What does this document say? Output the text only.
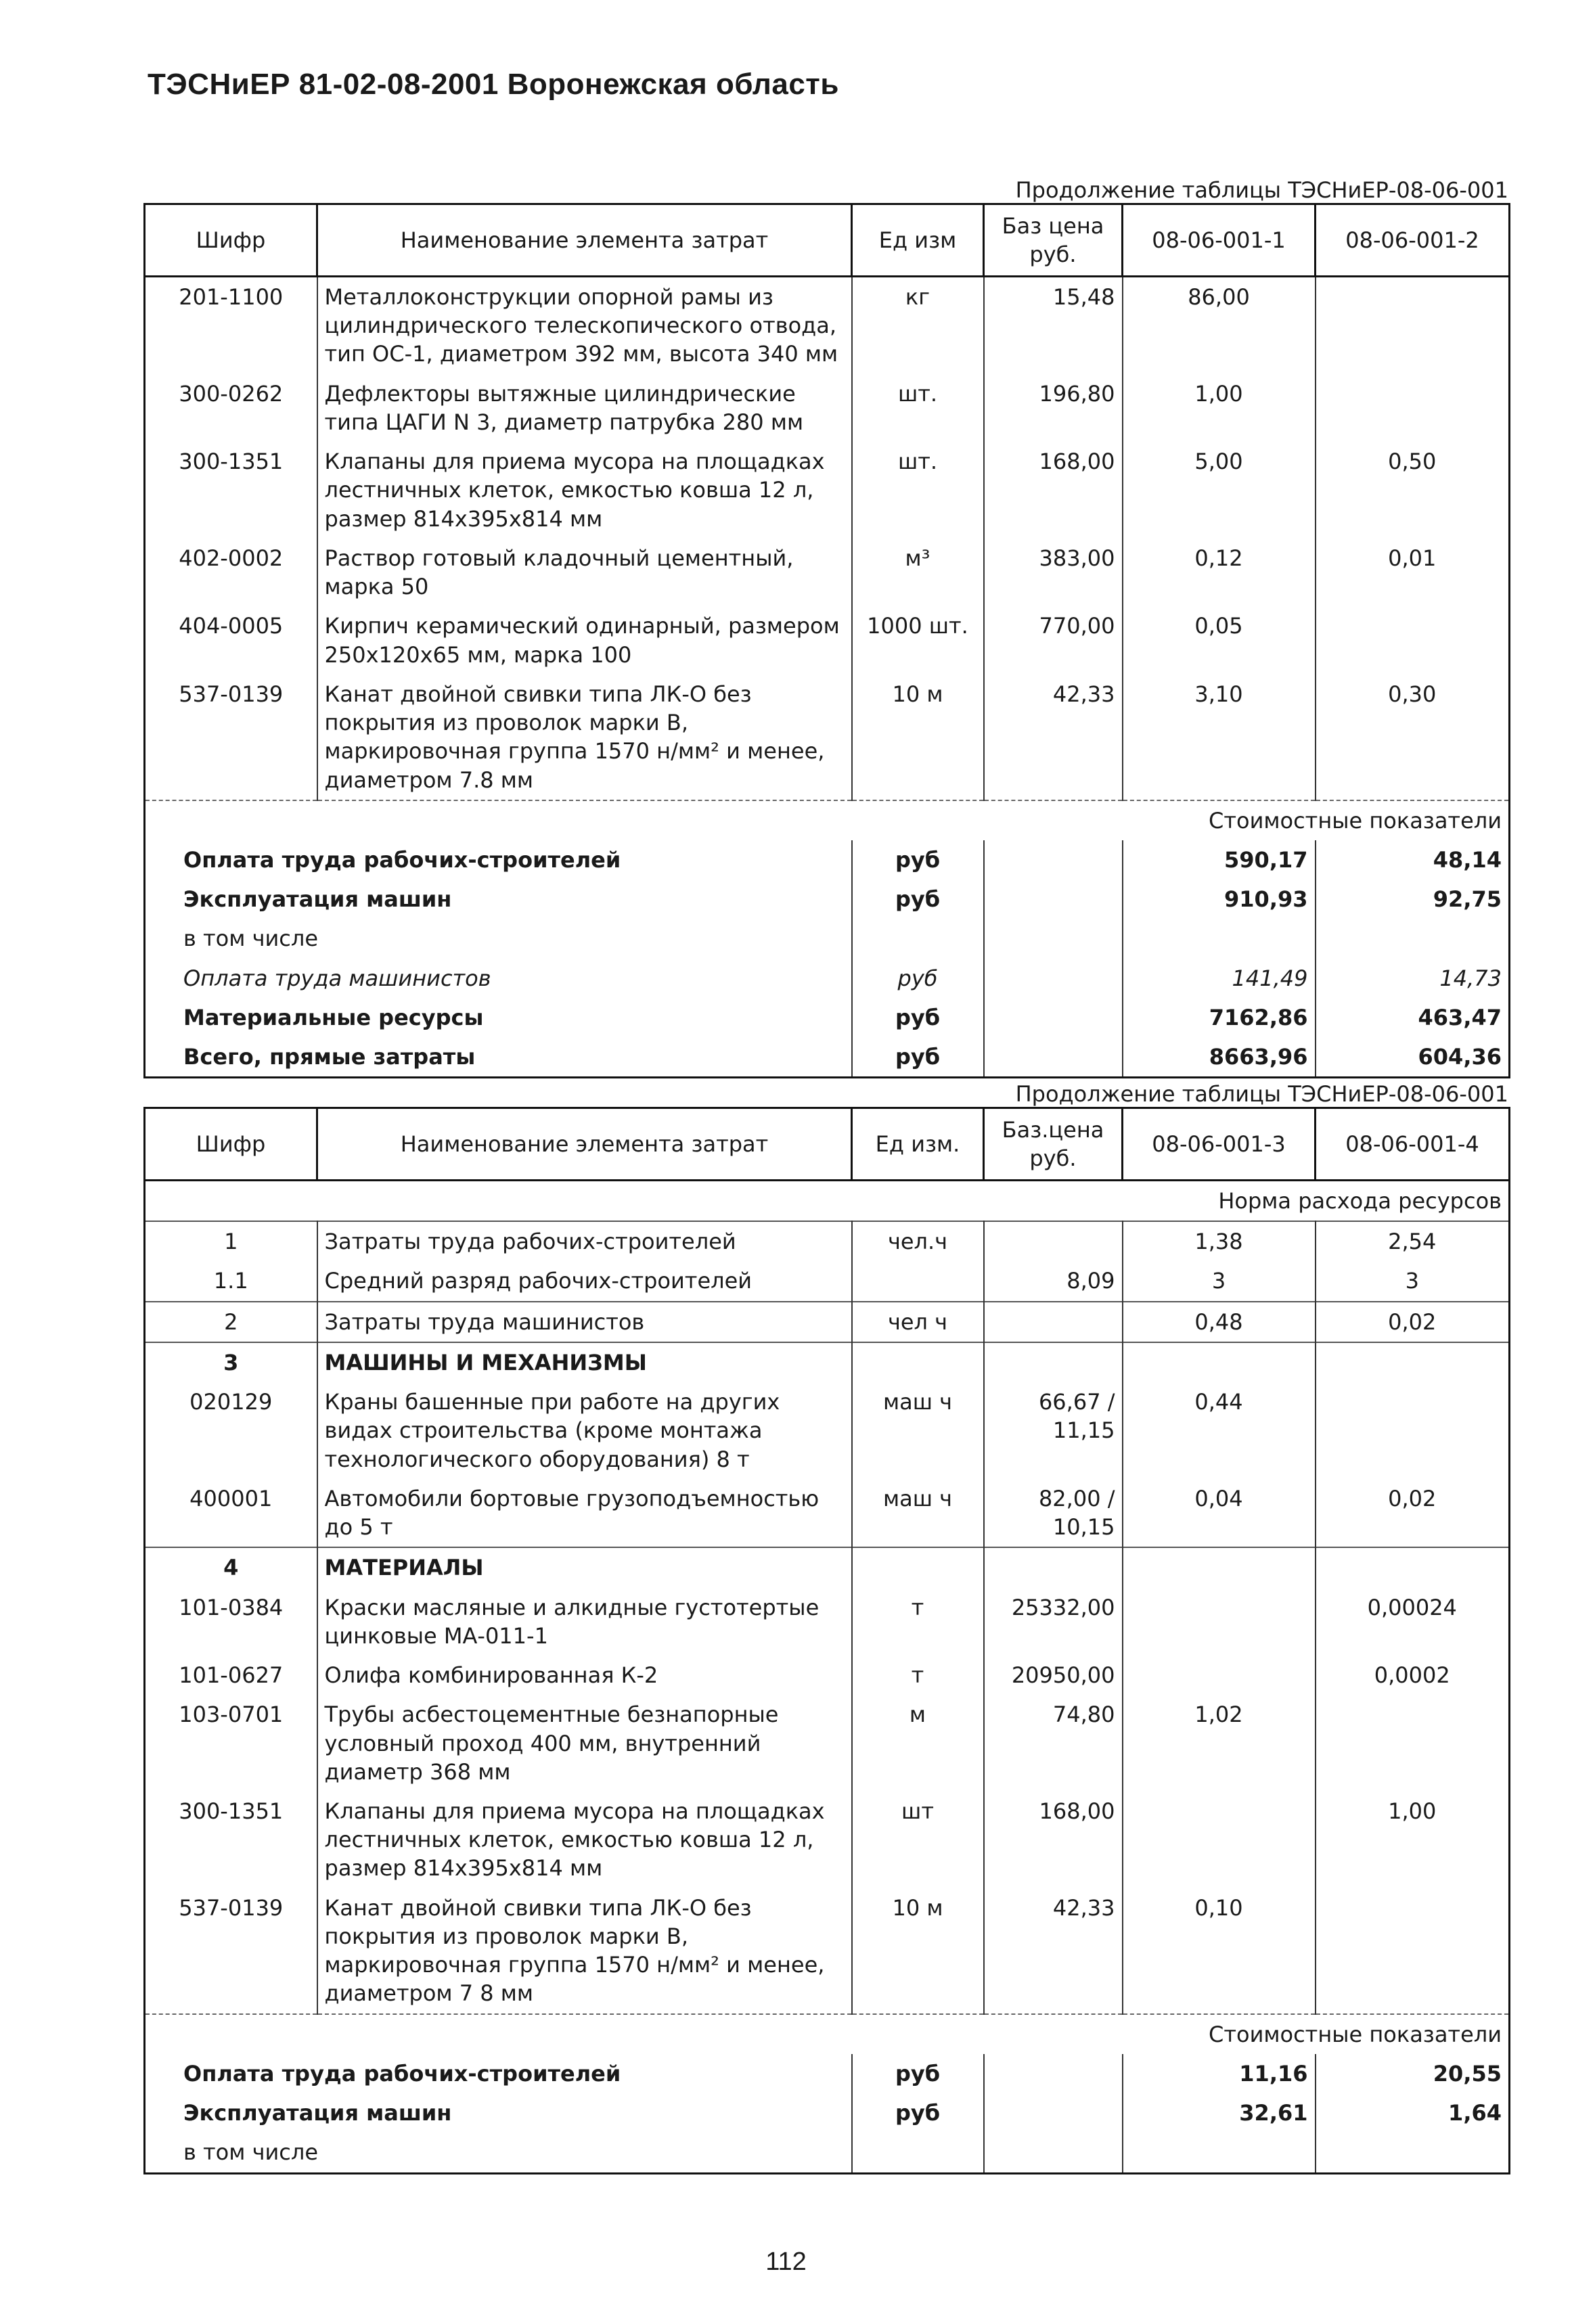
ТЭСНиЕР 81-02-08-2001 Воронежская область
Продолжение таблицы ТЭСНиЕР-08-06-001
Шифр	Наименование элемента затрат	Ед изм	Баз цена руб.	08-06-001-1	08-06-001-2
201-1100	Металлоконструкции опорной рамы из цилиндрического телескопического отвода, тип ОС-1, диаметром 392 мм, высота 340 мм	кг	15,48	86,00	
300-0262	Дефлекторы вытяжные цилиндрические типа ЦАГИ N 3, диаметр патрубка 280 мм	шт.	196,80	1,00	
300-1351	Клапаны для приема мусора на площадках лестничных клеток, емкостью ковша 12 л, размер 814х395х814 мм	шт.	168,00	5,00	0,50
402-0002	Раствор готовый кладочный цементный, марка 50	м³	383,00	0,12	0,01
404-0005	Кирпич керамический одинарный, размером 250х120х65 мм, марка 100	1000 шт.	770,00	0,05	
537-0139	Канат двойной свивки типа ЛК-О без покрытия из проволок марки В, маркировочная группа 1570 н/мм² и менее, диаметром 7.8 мм	10 м	42,33	3,10	0,30
Стоимостные показатели					
Оплата труда рабочих-строителей		руб		590,17	48,14
Эксплуатация машин		руб		910,93	92,75
в том числе					
Оплата труда машинистов		руб		141,49	14,73
Материальные ресурсы		руб		7162,86	463,47
Всего, прямые затраты		руб		8663,96	604,36
Продолжение таблицы ТЭСНиЕР-08-06-001
Шифр	Наименование элемента затрат	Ед изм.	Баз.цена руб.	08-06-001-3	08-06-001-4
Норма расхода ресурсов					
1	Затраты труда рабочих-строителей	чел.ч		1,38	2,54
1.1	Средний разряд рабочих-строителей		8,09	3	3
2	Затраты труда машинистов	чел ч		0,48	0,02
3	МАШИНЫ И МЕХАНИЗМЫ				
020129	Краны башенные при работе на других видах строительства (кроме монтажа технологического оборудования) 8 т	маш ч	66,67 / 11,15	0,44	
400001	Автомобили бортовые грузоподъемностью до 5 т	маш ч	82,00 / 10,15	0,04	0,02
4	МАТЕРИАЛЫ				
101-0384	Краски масляные и алкидные густотертые цинковые МА-011-1	т	25332,00		0,00024
101-0627	Олифа комбинированная К-2	т	20950,00		0,0002
103-0701	Трубы асбестоцементные безнапорные условный проход 400 мм, внутренний диаметр 368 мм	м	74,80	1,02	
300-1351	Клапаны для приема мусора на площадках лестничных клеток, емкостью ковша 12 л, размер 814х395х814 мм	шт	168,00		1,00
537-0139	Канат двойной свивки типа ЛК-О без покрытия из проволок марки В, маркировочная группа 1570 н/мм² и менее, диаметром 7 8 мм	10 м	42,33	0,10	
Стоимостные показатели					
Оплата труда рабочих-строителей		руб		11,16	20,55
Эксплуатация машин		руб		32,61	1,64
в том числе					
112
